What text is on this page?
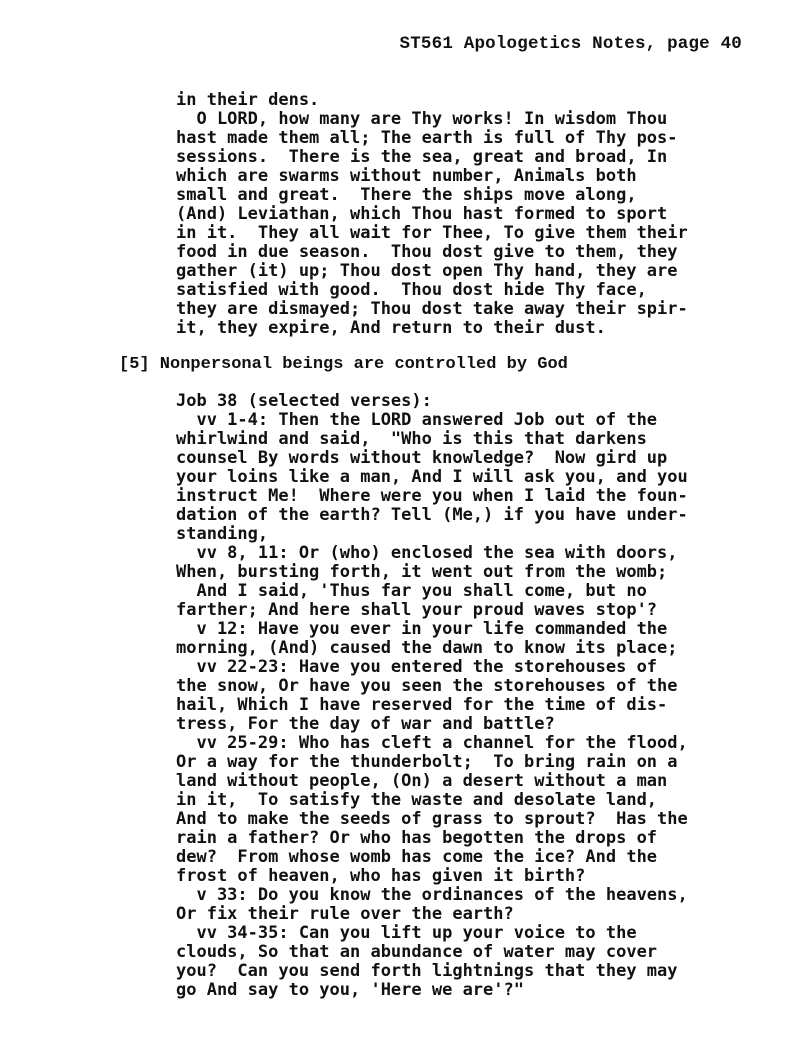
ST561 Apologetics Notes, page 40
in their dens.
O LORD, how many are Thy works! In wisdom Thou
hast made them all; The earth is full of Thy pos-
sessions.  There is the sea, great and broad, In
which are swarms without number, Animals both
small and great.  There the ships move along,
(And) Leviathan, which Thou hast formed to sport
in it.  They all wait for Thee, To give them their
food in due season.  Thou dost give to them, they
gather (it) up; Thou dost open Thy hand, they are
satisfied with good.  Thou dost hide Thy face,
they are dismayed; Thou dost take away their spir-
it, they expire, And return to their dust.
[5] Nonpersonal beings are controlled by God
Job 38 (selected verses):
vv 1-4: Then the LORD answered Job out of the
whirlwind and said,  "Who is this that darkens
counsel By words without knowledge?  Now gird up
your loins like a man, And I will ask you, and you
instruct Me!  Where were you when I laid the foun-
dation of the earth? Tell (Me,) if you have under-
standing,
vv 8, 11: Or (who) enclosed the sea with doors,
When, bursting forth, it went out from the womb;
And I said, 'Thus far you shall come, but no
farther; And here shall your proud waves stop'?
v 12: Have you ever in your life commanded the
morning, (And) caused the dawn to know its place;
vv 22-23: Have you entered the storehouses of
the snow, Or have you seen the storehouses of the
hail, Which I have reserved for the time of dis-
tress, For the day of war and battle?
vv 25-29: Who has cleft a channel for the flood,
Or a way for the thunderbolt;  To bring rain on a
land without people, (On) a desert without a man
in it,  To satisfy the waste and desolate land,
And to make the seeds of grass to sprout?  Has the
rain a father? Or who has begotten the drops of
dew?  From whose womb has come the ice? And the
frost of heaven, who has given it birth?
v 33: Do you know the ordinances of the heavens,
Or fix their rule over the earth?
vv 34-35: Can you lift up your voice to the
clouds, So that an abundance of water may cover
you?  Can you send forth lightnings that they may
go And say to you, 'Here we are'?"
